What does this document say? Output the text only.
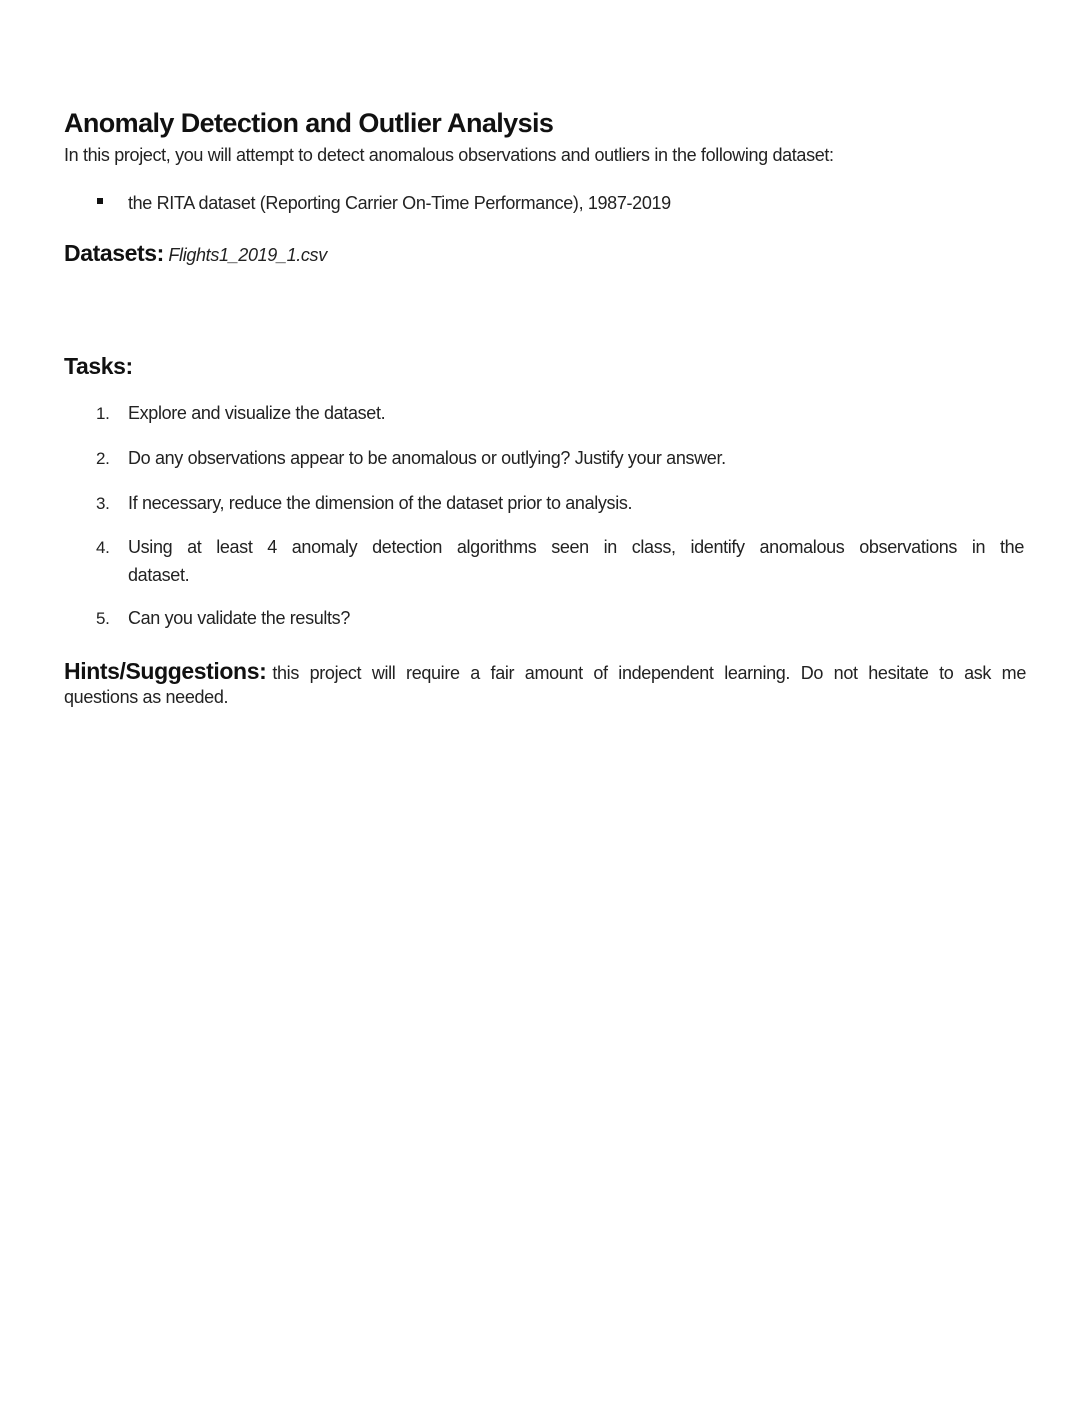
Anomaly Detection and Outlier Analysis
In this project, you will attempt to detect anomalous observations and outliers in the following dataset:
the RITA dataset (Reporting Carrier On-Time Performance), 1987-2019
Datasets: Flights1_2019_1.csv
Tasks:
1. Explore and visualize the dataset.
2. Do any observations appear to be anomalous or outlying? Justify your answer.
3. If necessary, reduce the dimension of the dataset prior to analysis.
4. Using at least 4 anomaly detection algorithms seen in class, identify anomalous observations in the
dataset.
5. Can you validate the results?
Hints/Suggestions: this project will require a fair amount of independent learning. Do not hesitate to ask me
questions as needed.
